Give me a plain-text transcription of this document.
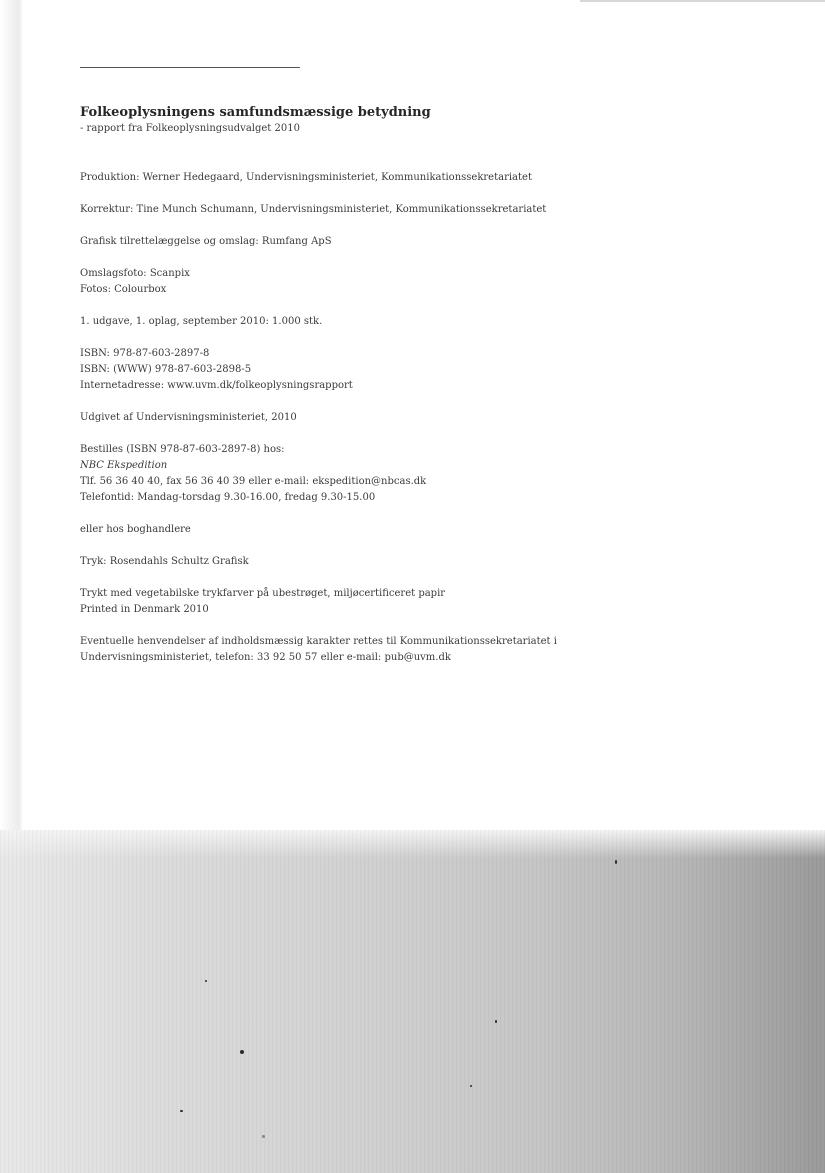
Folkeoplysningens samfundsmæssige betydning
- rapport fra Folkeoplysningsudvalget 2010
Produktion: Werner Hedegaard, Undervisningsministeriet, Kommunikationssekretariatet
Korrektur: Tine Munch Schumann, Undervisningsministeriet, Kommunikationssekretariatet
Grafisk tilrettelæggelse og omslag: Rumfang ApS
Omslagsfoto: Scanpix
Fotos: Colourbox
1. udgave, 1. oplag, september 2010: 1.000 stk.
ISBN: 978-87-603-2897-8
ISBN: (WWW) 978-87-603-2898-5
Internetadresse: www.uvm.dk/folkeoplysningsrapport
Udgivet af Undervisningsministeriet, 2010
Bestilles (ISBN 978-87-603-2897-8) hos:
NBC Ekspedition
Tlf. 56 36 40 40, fax 56 36 40 39 eller e-mail: ekspedition@nbcas.dk
Telefontid: Mandag-torsdag 9.30-16.00, fredag 9.30-15.00
eller hos boghandlere
Tryk: Rosendahls Schultz Grafisk
Trykt med vegetabilske trykfarver på ubestrøget, miljøcertificeret papir
Printed in Denmark 2010
Eventuelle henvendelser af indholdsmæssig karakter rettes til Kommunikationssekretariatet i
Undervisningsministeriet, telefon: 33 92 50 57 eller e-mail: pub@uvm.dk
